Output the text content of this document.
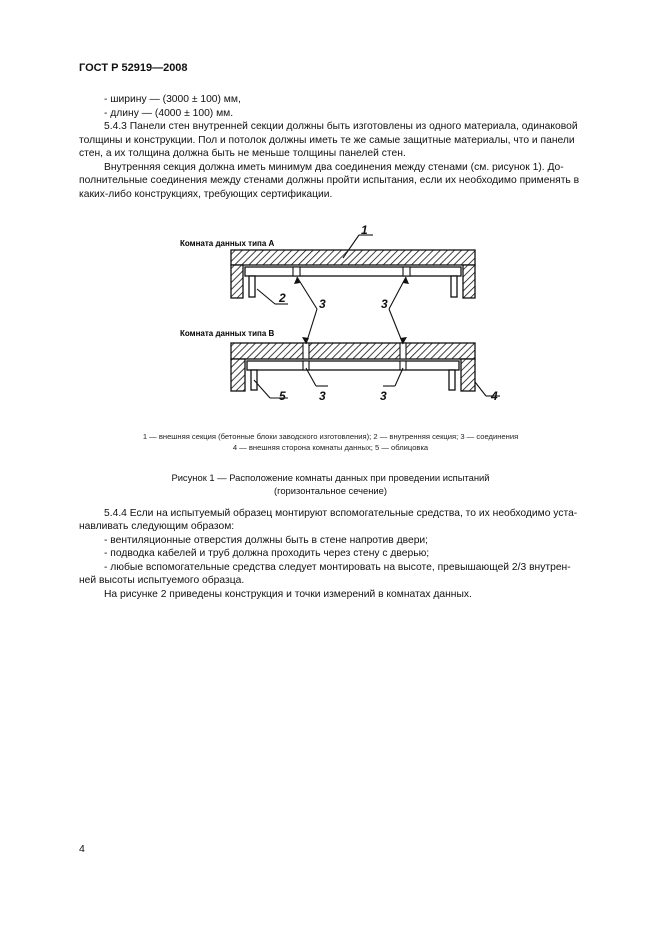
ГОСТ Р 52919—2008
- ширину — (3000 ± 100) мм,
- длину — (4000 ± 100) мм.
5.4.3 Панели стен внутренней секции должны быть изготовлены из одного материала, одинаковой
толщины и конструкции. Пол и потолок должны иметь те же самые защитные материалы, что и панели
стен, а их толщина должна быть не меньше толщины панелей стен.
Внутренняя секция должна иметь минимум два соединения между стенами (см. рисунок 1). До-
полнительные соединения между стенами должны пройти испытания, если их необходимо применять в
каких-либо конструкциях, требующих сертификации.
Комната данных типа А
Комната данных типа В
1
2	3	3
3	3	4
5
1 — внешняя секция (бетонные блоки заводского изготовления); 2 — внутренняя секция; 3 — соединения
4 — внешняя сторона комнаты данных; 5 — облицовка
Рисунок 1 — Расположение комнаты данных при проведении испытаний
(горизонтальное сечение)
5.4.4 Если на испытуемый образец монтируют вспомогательные средства, то их необходимо уста-
навливать следующим образом:
- вентиляционные отверстия должны быть в стене напротив двери;
- подводка кабелей и труб должна проходить через стену с дверью;
- любые вспомогательные средства следует монтировать на высоте, превышающей 2/3 внутрен-
ней высоты испытуемого образца.
На рисунке 2 приведены конструкция и точки измерений в комнатах данных.
4
